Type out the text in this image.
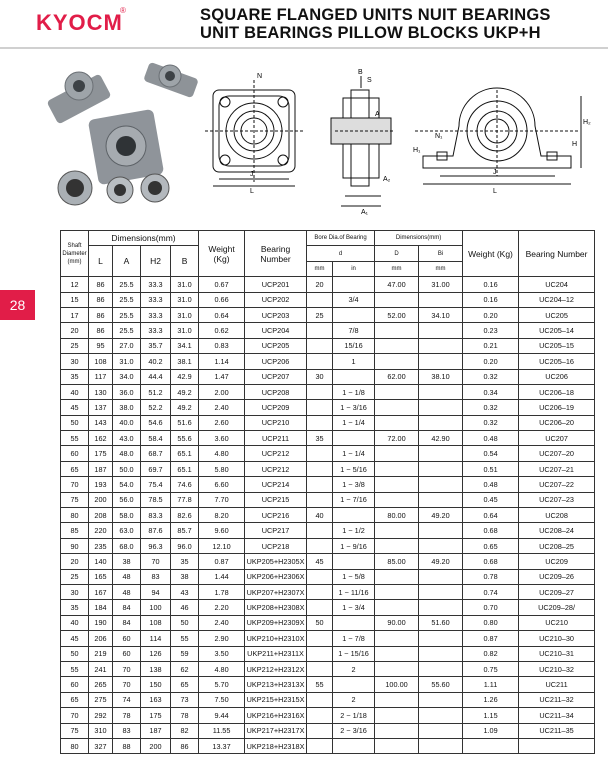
KYOCM
®	SQUARE FLANGED UNITS NUIT BEARINGS
UNIT BEARINGS PILLOW BLOCKS UKP+H
28
N
J
L
B
S
A
A₂
A₁
N₁
H
H₁
H₂
J
L
Shaft Diameter (mm)	Dimensions(mm)				Weight (Kg)	Bearing Number	Bore Dia.of Bearing		Dimensions(mm)		Weight (Kg)	Bearing Number
	L	A	H2	B			d		D	Bi		
							mm	in	mm	mm		
12	86	25.5	33.3	31.0	0.67	UCP201	20		47.00	31.00	0.16	UC204
15	86	25.5	33.3	31.0	0.66	UCP202		3/4			0.16	UC204–12
17	86	25.5	33.3	31.0	0.64	UCP203	25		52.00	34.10	0.20	UC205
20	86	25.5	33.3	31.0	0.62	UCP204		7/8			0.23	UC205–14
25	95	27.0	35.7	34.1	0.83	UCP205		15/16			0.21	UC205–15
30	108	31.0	40.2	38.1	1.14	UCP206		1			0.20	UC205–16
35	117	34.0	44.4	42.9	1.47	UCP207	30		62.00	38.10	0.32	UC206
40	130	36.0	51.2	49.2	2.00	UCP208		1 ~ 1/8			0.34	UC206–18
45	137	38.0	52.2	49.2	2.40	UCP209		1 ~ 3/16			0.32	UC206–19
50	143	40.0	54.6	51.6	2.60	UCP210		1 ~ 1/4			0.32	UC206–20
55	162	43.0	58.4	55.6	3.60	UCP211	35		72.00	42.90	0.48	UC207
60	175	48.0	68.7	65.1	4.80	UCP212		1 ~ 1/4			0.54	UC207–20
65	187	50.0	69.7	65.1	5.80	UCP212		1 ~ 5/16			0.51	UC207–21
70	193	54.0	75.4	74.6	6.60	UCP214		1 ~ 3/8			0.48	UC207–22
75	200	56.0	78.5	77.8	7.70	UCP215		1 ~ 7/16			0.45	UC207–23
80	208	58.0	83.3	82.6	8.20	UCP216	40		80.00	49.20	0.64	UC208
85	220	63.0	87.6	85.7	9.60	UCP217		1 ~ 1/2			0.68	UC208–24
90	235	68.0	96.3	96.0	12.10	UCP218		1 ~ 9/16			0.65	UC208–25
20	140	38	70	35	0.87	UKP205+H2305X	45		85.00	49.20	0.68	UC209
25	165	48	83	38	1.44	UKP206+H2306X		1 ~ 5/8			0.78	UC209–26
30	167	48	94	43	1.78	UKP207+H2307X		1 ~ 11/16			0.74	UC209–27
35	184	84	100	46	2.20	UKP208+H2308X		1 ~ 3/4			0.70	UC209–28/
40	190	84	108	50	2.40	UKP209+H2309X	50		90.00	51.60	0.80	UC210
45	206	60	114	55	2.90	UKP210+H2310X		1 ~ 7/8			0.87	UC210–30
50	219	60	126	59	3.50	UKP211+H2311X		1 ~ 15/16			0.82	UC210–31
55	241	70	138	62	4.80	UKP212+H2312X		2			0.75	UC210–32
60	265	70	150	65	5.70	UKP213+H2313X	55		100.00	55.60	1.11	UC211
65	275	74	163	73	7.50	UKP215+H2315X		2			1.26	UC211–32
70	292	78	175	78	9.44	UKP216+H2316X		2 ~ 1/18			1.15	UC211–34
75	310	83	187	82	11.55	UKP217+H2317X		2 ~ 3/16			1.09	UC211–35
80	327	88	200	86	13.37	UKP218+H2318X						
